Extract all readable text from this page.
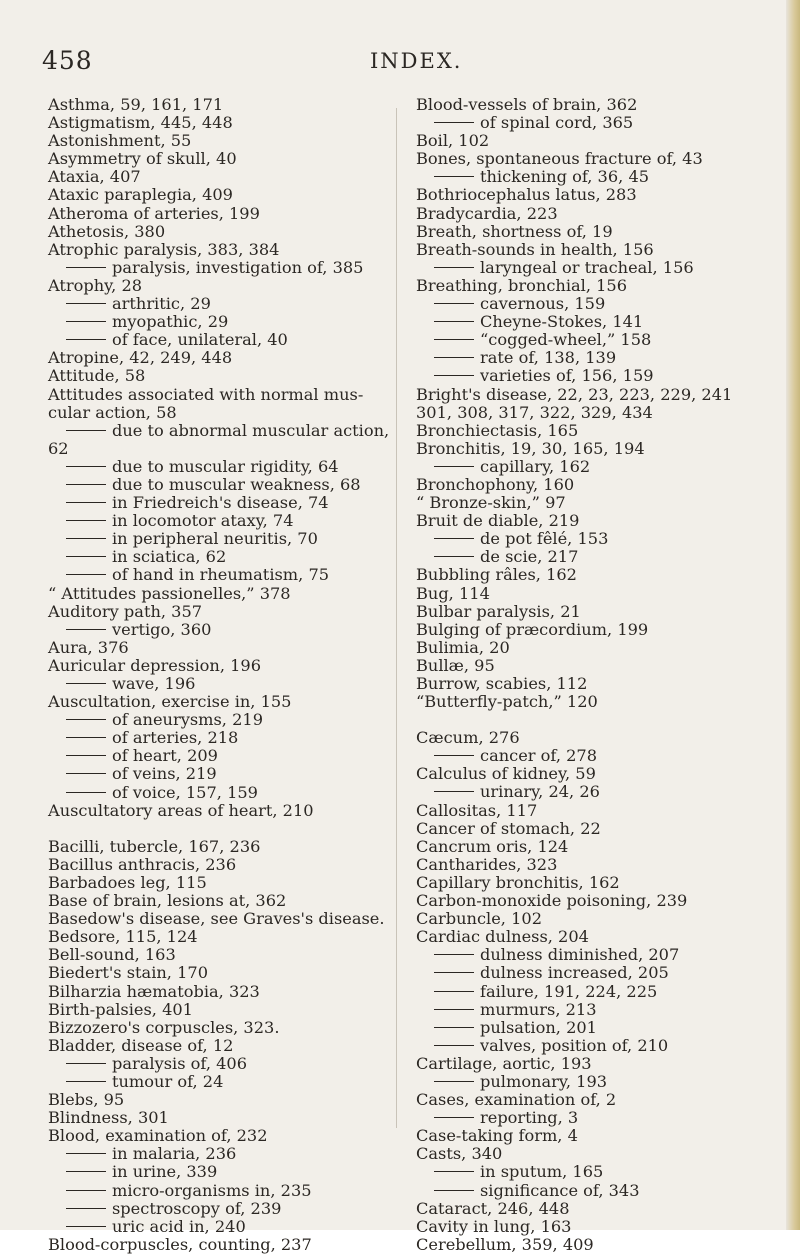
458	INDEX.
Asthma, 59, 161, 171
Astigmatism, 445, 448
Astonishment, 55
Asymmetry of skull, 40
Ataxia, 407
Ataxic paraplegia, 409
Atheroma of arteries, 199
Athetosis, 380
Atrophic paralysis, 383, 384
paralysis, investigation of, 385
Atrophy, 28
arthritic, 29
myopathic, 29
of face, unilateral, 40
Atropine, 42, 249, 448
Attitude, 58
Attitudes associated with normal mus-
cular action, 58
due to abnormal muscular action,
62
due to muscular rigidity, 64
due to muscular weakness, 68
in Friedreich's disease, 74
in locomotor ataxy, 74
in peripheral neuritis, 70
in sciatica, 62
of hand in rheumatism, 75
“ Attitudes passionelles,” 378
Auditory path, 357
vertigo, 360
Aura, 376
Auricular depression, 196
wave, 196
Auscultation, exercise in, 155
of aneurysms, 219
of arteries, 218
of heart, 209
of veins, 219
of voice, 157, 159
Auscultatory areas of heart, 210
Bacilli, tubercle, 167, 236
Bacillus anthracis, 236
Barbadoes leg, 115
Base of brain, lesions at, 362
Basedow's disease, see Graves's disease.
Bedsore, 115, 124
Bell-sound, 163
Biedert's stain, 170
Bilharzia hæmatobia, 323
Birth-palsies, 401
Bizzozero's corpuscles, 323.
Bladder, disease of, 12
paralysis of, 406
tumour of, 24
Blebs, 95
Blindness, 301
Blood, examination of, 232
in malaria, 236
in urine, 339
micro-organisms in, 235
spectroscopy of, 239
uric acid in, 240
Blood-corpuscles, counting, 237
Blood-vessels of brain, 362
of spinal cord, 365
Boil, 102
Bones, spontaneous fracture of, 43
thickening of, 36, 45
Bothriocephalus latus, 283
Bradycardia, 223
Breath, shortness of, 19
Breath-sounds in health, 156
laryngeal or tracheal, 156
Breathing, bronchial, 156
cavernous, 159
Cheyne-Stokes, 141
“cogged-wheel,” 158
rate of, 138, 139
varieties of, 156, 159
Bright's disease, 22, 23, 223, 229, 241
301, 308, 317, 322, 329, 434
Bronchiectasis, 165
Bronchitis, 19, 30, 165, 194
capillary, 162
Bronchophony, 160
“ Bronze-skin,” 97
Bruit de diable, 219
de pot fêlé, 153
de scie, 217
Bubbling râles, 162
Bug, 114
Bulbar paralysis, 21
Bulging of præcordium, 199
Bulimia, 20
Bullæ, 95
Burrow, scabies, 112
“Butterfly-patch,” 120
Cæcum, 276
cancer of, 278
Calculus of kidney, 59
urinary, 24, 26
Callositas, 117
Cancer of stomach, 22
Cancrum oris, 124
Cantharides, 323
Capillary bronchitis, 162
Carbon-monoxide poisoning, 239
Carbuncle, 102
Cardiac dulness, 204
dulness diminished, 207
dulness increased, 205
failure, 191, 224, 225
murmurs, 213
pulsation, 201
valves, position of, 210
Cartilage, aortic, 193
pulmonary, 193
Cases, examination of, 2
reporting, 3
Case-taking form, 4
Casts, 340
in sputum, 165
significance of, 343
Cataract, 246, 448
Cavity in lung, 163
Cerebellum, 359, 409
